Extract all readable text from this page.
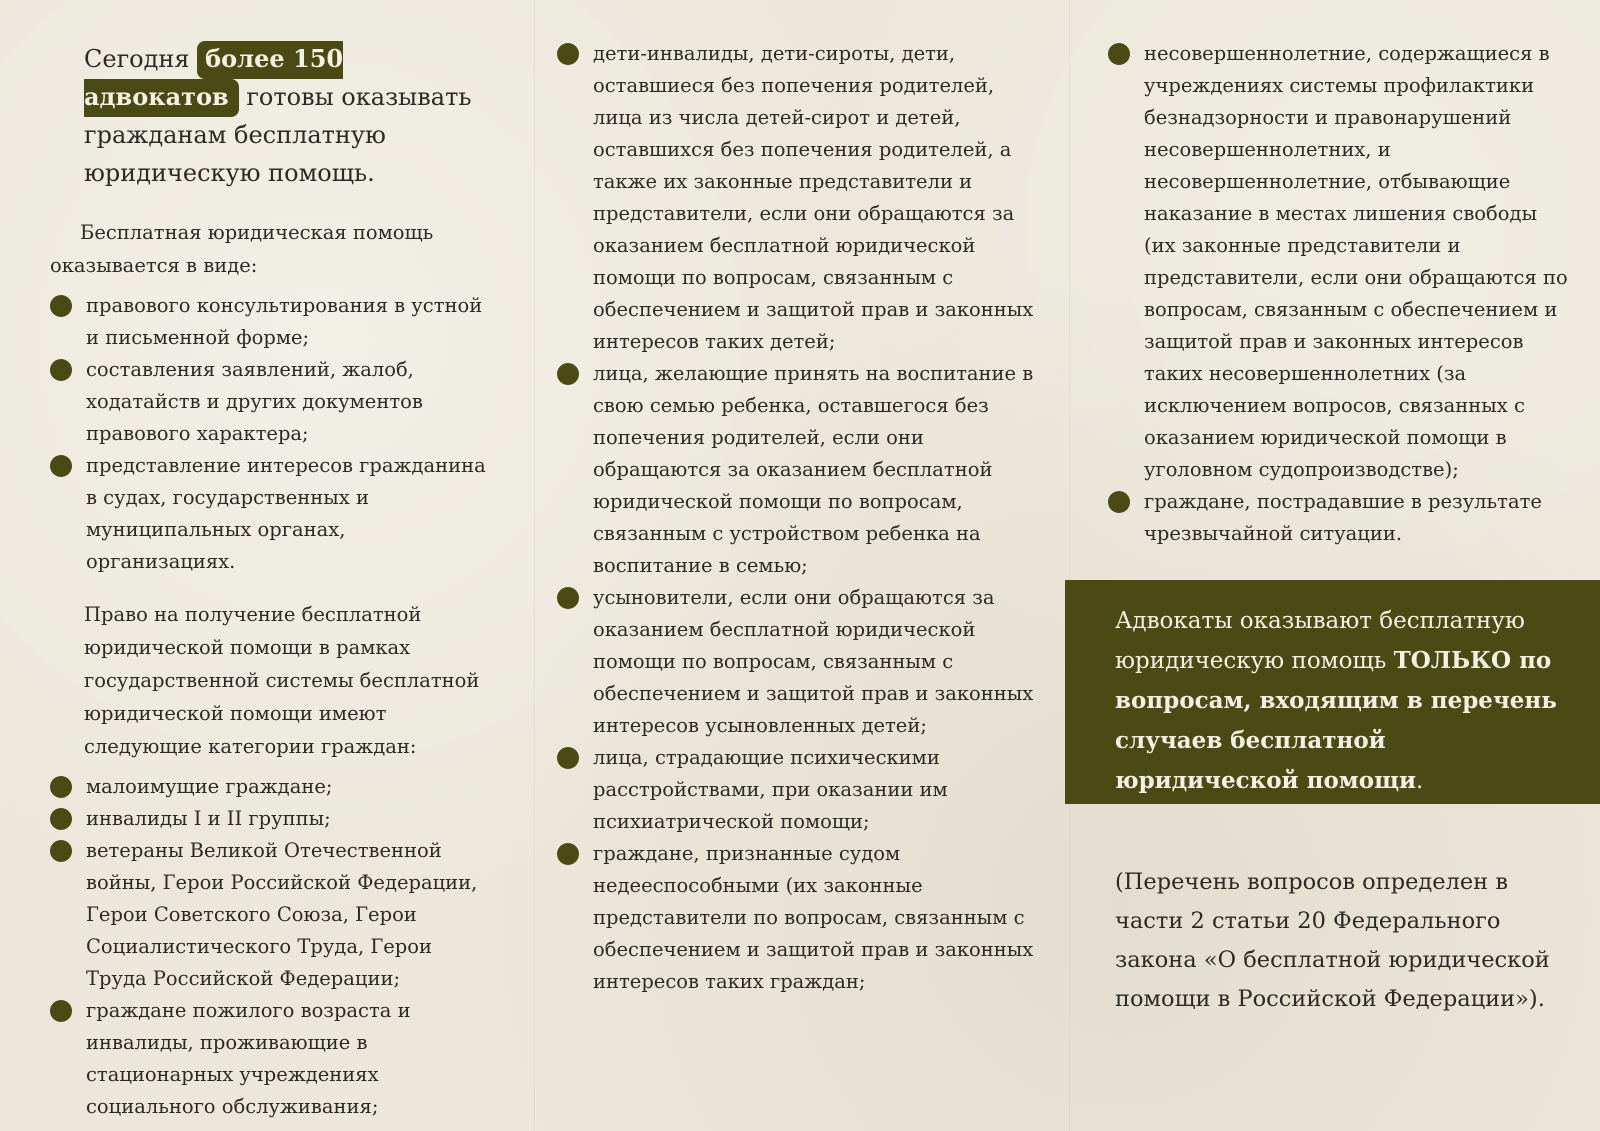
Сегодня более 150 адвокатов готовы оказывать гражданам бесплатную юридическую помощь.

Бесплатная юридическая помощь оказывается в виде:

правового консультирования в устной и письменной форме;
составления заявлений, жалоб, ходатайств и других документов правового характера;
представление интересов гражданина в судах, государственных и муниципальных органах, организациях.

Право на получение бесплатной юридической помощи в рамках государственной системы бесплатной юридической помощи имеют следующие категории граждан:

малоимущие граждане;
инвалиды I и II группы;
ветераны Великой Отечественной войны, Герои Российской Федерации, Герои Советского Союза, Герои Социалистического Труда, Герои Труда Российской Федерации;
граждане пожилого возраста и инвалиды, проживающие в стационарных учреждениях социального обслуживания;
дети-инвалиды, дети-сироты, дети, оставшиеся без попечения родителей, лица из числа детей-сирот и детей, оставшихся без попечения родителей, а также их законные представители и представители, если они обращаются за оказанием бесплатной юридической помощи по вопросам, связанным с обеспечением и защитой прав и законных интересов таких детей;
лица, желающие принять на воспитание в свою семью ребенка, оставшегося без попечения родителей, если они обращаются за оказанием бесплатной юридической помощи по вопросам, связанным с устройством ребенка на воспитание в семью;
усыновители, если они обращаются за оказанием бесплатной юридической помощи по вопросам, связанным с обеспечением и защитой прав и законных интересов усыновленных детей;
лица, страдающие психическими расстройствами, при оказании им психиатрической помощи;
граждане, признанные судом недееспособными (их законные представители по вопросам, связанным с обеспечением и защитой прав и законных интересов таких граждан;
несовершеннолетние, содержащиеся в учреждениях системы профилактики безнадзорности и правонарушений несовершеннолетних, и несовершеннолетние, отбывающие наказание в местах лишения свободы (их законные представители и представители, если они обращаются по вопросам, связанным с обеспечением и защитой прав и законных интересов таких несовершеннолетних (за исключением вопросов, связанных с оказанием юридической помощи в уголовном судопроизводстве);
граждане, пострадавшие в результате чрезвычайной ситуации.
Адвокаты оказывают бесплатную юридическую помощь ТОЛЬКО по вопросам, входящим в перечень случаев бесплатной юридической помощи.

(Перечень вопросов определен в части 2 статьи 20 Федерального закона «О бесплатной юридической помощи в Российской Федерации»).
